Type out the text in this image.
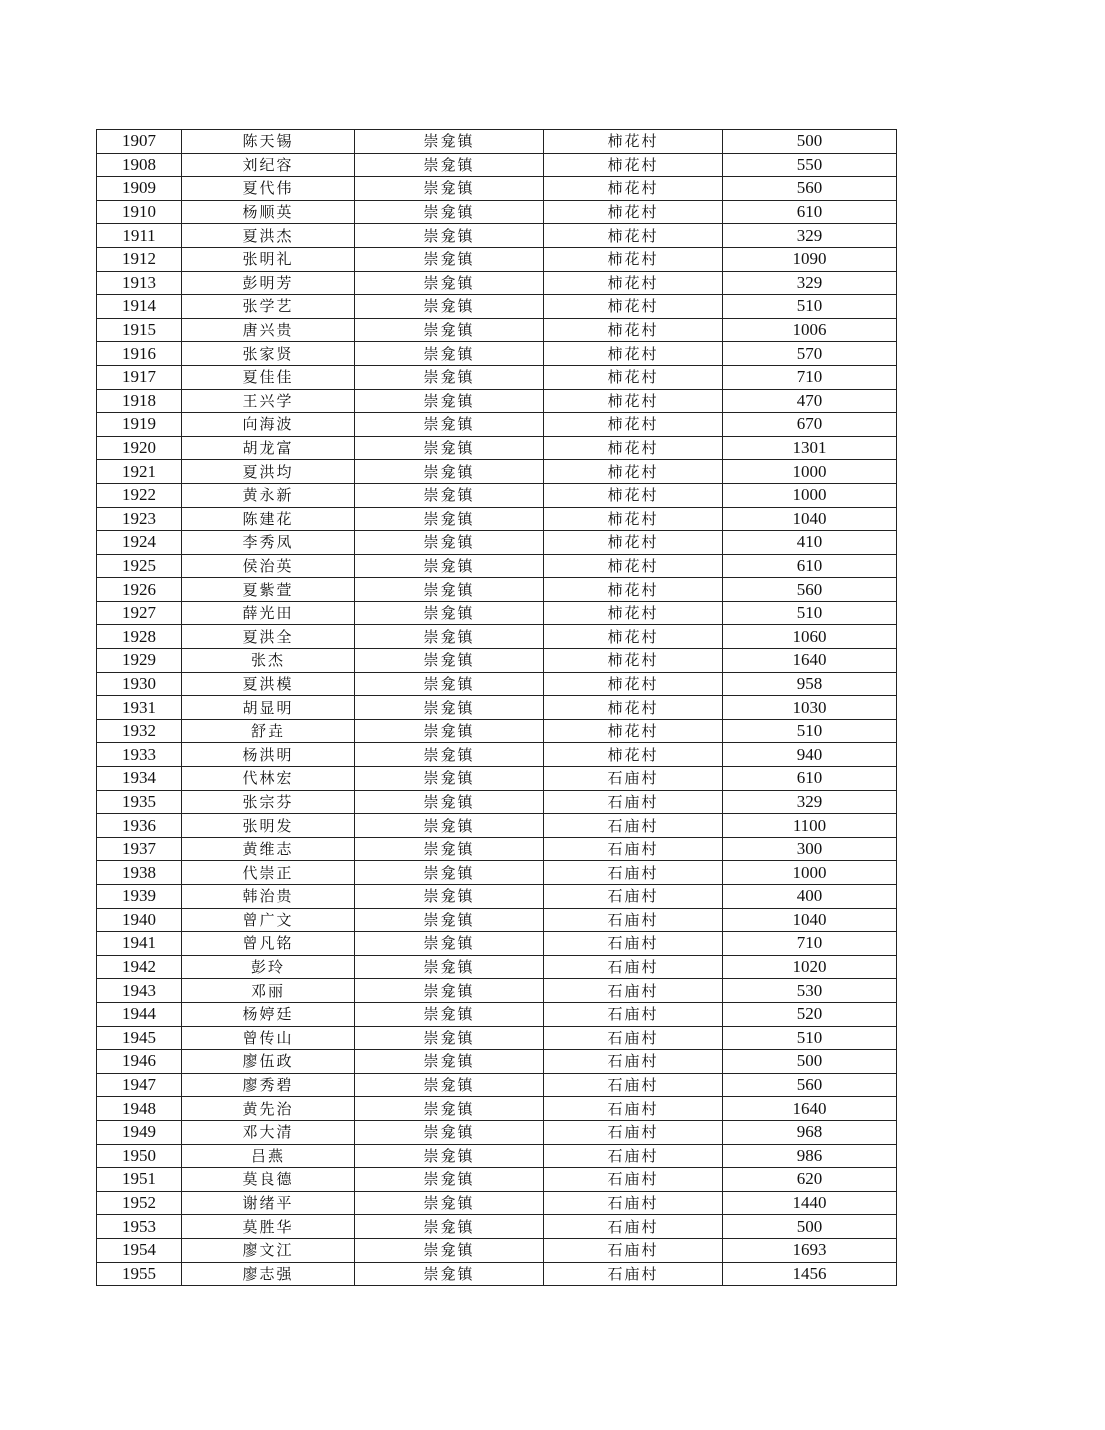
1907	陈天锡	崇龛镇	柿花村	500
1908	刘纪容	崇龛镇	柿花村	550
1909	夏代伟	崇龛镇	柿花村	560
1910	杨顺英	崇龛镇	柿花村	610
1911	夏洪杰	崇龛镇	柿花村	329
1912	张明礼	崇龛镇	柿花村	1090
1913	彭明芳	崇龛镇	柿花村	329
1914	张学艺	崇龛镇	柿花村	510
1915	唐兴贵	崇龛镇	柿花村	1006
1916	张家贤	崇龛镇	柿花村	570
1917	夏佳佳	崇龛镇	柿花村	710
1918	王兴学	崇龛镇	柿花村	470
1919	向海波	崇龛镇	柿花村	670
1920	胡龙富	崇龛镇	柿花村	1301
1921	夏洪均	崇龛镇	柿花村	1000
1922	黄永新	崇龛镇	柿花村	1000
1923	陈建花	崇龛镇	柿花村	1040
1924	李秀凤	崇龛镇	柿花村	410
1925	侯治英	崇龛镇	柿花村	610
1926	夏紫萱	崇龛镇	柿花村	560
1927	薛光田	崇龛镇	柿花村	510
1928	夏洪全	崇龛镇	柿花村	1060
1929	张杰	崇龛镇	柿花村	1640
1930	夏洪模	崇龛镇	柿花村	958
1931	胡显明	崇龛镇	柿花村	1030
1932	舒垚	崇龛镇	柿花村	510
1933	杨洪明	崇龛镇	柿花村	940
1934	代林宏	崇龛镇	石庙村	610
1935	张宗芬	崇龛镇	石庙村	329
1936	张明发	崇龛镇	石庙村	1100
1937	黄维志	崇龛镇	石庙村	300
1938	代崇正	崇龛镇	石庙村	1000
1939	韩治贵	崇龛镇	石庙村	400
1940	曾广文	崇龛镇	石庙村	1040
1941	曾凡铭	崇龛镇	石庙村	710
1942	彭玲	崇龛镇	石庙村	1020
1943	邓丽	崇龛镇	石庙村	530
1944	杨婷廷	崇龛镇	石庙村	520
1945	曾传山	崇龛镇	石庙村	510
1946	廖伍政	崇龛镇	石庙村	500
1947	廖秀碧	崇龛镇	石庙村	560
1948	黄先治	崇龛镇	石庙村	1640
1949	邓大清	崇龛镇	石庙村	968
1950	吕燕	崇龛镇	石庙村	986
1951	莫良德	崇龛镇	石庙村	620
1952	谢绪平	崇龛镇	石庙村	1440
1953	莫胜华	崇龛镇	石庙村	500
1954	廖文江	崇龛镇	石庙村	1693
1955	廖志强	崇龛镇	石庙村	1456
